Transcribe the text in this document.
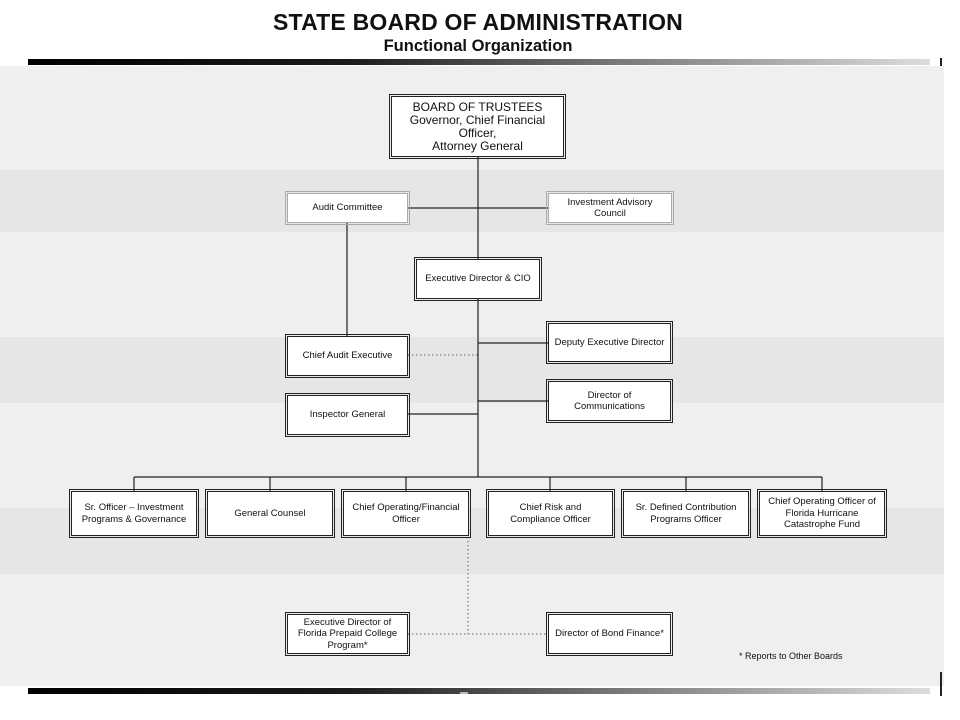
STATE BOARD OF ADMINISTRATION
Functional Organization
BOARD OF TRUSTEES
Governor, Chief Financial Officer,
Attorney General
Audit Committee
Investment Advisory
Council
Executive Director & CIO
Deputy Executive Director
Chief Audit Executive
Director of
Communications
Inspector General
Sr. Officer – Investment
Programs & Governance
General Counsel
Chief Operating/Financial
Officer
Chief Risk and
Compliance Officer
Sr. Defined Contribution
Programs Officer
Chief Operating Officer of
Florida Hurricane
Catastrophe Fund
Executive Director of
Florida Prepaid College
Program*
Director of Bond Finance*
* Reports to Other Boards
